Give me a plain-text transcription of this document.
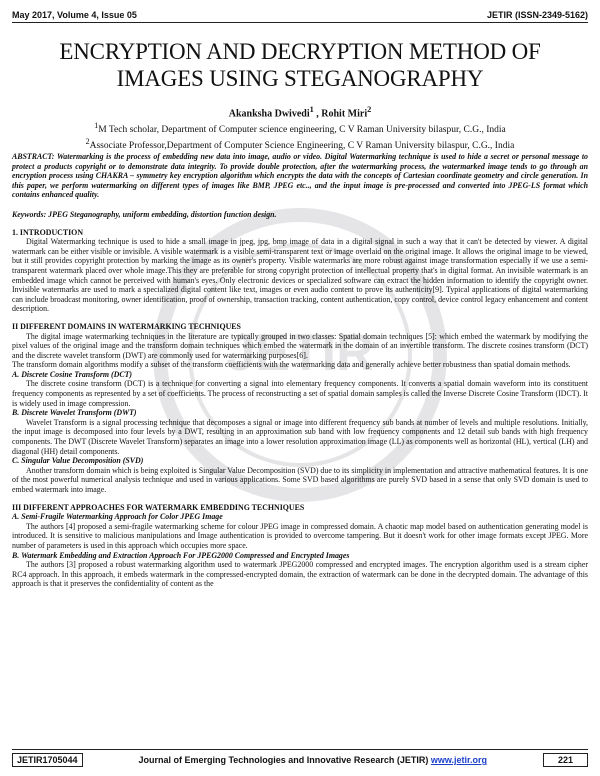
May 2017, Volume 4, Issue 05	JETIR (ISSN-2349-5162)
JETIR
ENCRYPTION AND DECRYPTION METHOD OF
IMAGES USING STEGANOGRAPHY
Akanksha Dwivedi$^1$ , Rohit Miri$^2$
$^1$M Tech scholar, Department of Computer science engineering, C V Raman University bilaspur, C.G., India
$^2$Associate Professor,Department of Computer Science Engineering, C V Raman University bilaspur, C.G., India

ABSTRACT: Watermarking is the process of embedding new data into image, audio or video. Digital Watermarking technique is used to hide a secret or personal message to protect a products copyright or to demonstrate data integrity. To provide double protection, after the watermarking process, the watermarked image tends to go through an encryption process using CHAKRA – symmetry key encryption algorithm which encrypts the data with the concepts of Cartesian coordinate geometry and circle generation. In this paper, we perform watermarking on different types of images like BMP, JPEG etc.., and the input image is pre-processed and converted into JPEG-LS format which contains enhanced quality.

Keywords: JPEG Steganography, uniform embedding, distortion function design.

1. INTRODUCTION

Digital Watermarking technique is used to hide a small image in jpeg, jpg, bmp image of data in a digital signal in such a way that it can't be detected by viewer. A digital watermark can be either visible or invisible. A visible watermark is a visible semi-transparent text or image overlaid on the original image. It allows the original image to be viewed, but it still provides copyright protection by marking the image as its owner's property. Visible watermarks are more robust against image transformation especially if we use a semi-transparent watermark placed over whole image.This they are preferable for strong copyright protection of intellectual property that's in digital format. An invisible watermark is an embedded image which cannot be perceived with human's eyes. Only electronic devices or specialized software can extract the hidden information to identify the copyright owner. Invisible watermarks are used to mark a specialized digital content like text, images or even audio content to prove its authenticity[9]. Typical applications of digital watermarking can include broadcast monitoring, owner identification, proof of ownership, transaction tracking, content authentication, copy control, device control legacy enhancement and content description.

II DIFFERENT DOMAINS IN WATERMARKING TECHNIQUES

The digital image watermarking techniques in the literature are typically grouped in two classes: Spatial domain techniques [5]: which embed the watermark by modifying the pixel values of the original image and the transform domain techniques which embed the watermark in the domain of an invertible transform. The discrete cosines transform (DCT) and the discrete wavelet transform (DWT) are commonly used for watermarking purposes[6].

The transform domain algorithms modify a subset of the transform coefficients with the watermarking data and generally achieve better robustness than spatial domain methods.

A. Discrete Cosine Transform (DCT)

The discrete cosine transform (DCT) is a technique for converting a signal into elementary frequency components. It converts a spatial domain waveform into its constituent frequency components as represented by a set of coefficients. The process of reconstructing a set of spatial domain samples is called the Inverse Discrete Cosine Transform (IDCT). It is widely used in image compression.

B. Discrete Wavelet Transform (DWT)

Wavelet Transform is a signal processing technique that decomposes a signal or image into different frequency sub bands at number of levels and multiple resolutions. Initially, the input image is decomposed into four levels by a DWT, resulting in an approximation sub band with low frequency components and 12 detail sub bands with high frequency components. The DWT (Discrete Wavelet Transform) separates an image into a lower resolution approximation image (LL) as components well as horizontal (HL), vertical (LH) and diagonal (HH) detail components.

C. Singular Value Decomposition (SVD)

Another transform domain which is being exploited is Singular Value Decomposition (SVD) due to its simplicity in implementation and attractive mathematical features. It is one of the most powerful numerical analysis technique and used in various applications. Some SVD based algorithms are purely SVD based in a sense that only SVD domain is used to embed watermark into image.

III DIFFERENT APPROACHES FOR WATERMARK EMBEDDING TECHNIQUES

A. Semi-Fragile Watermarking Approach for Color JPEG Image

The authors [4] proposed a semi-fragile watermarking scheme for colour JPEG image in compressed domain. A chaotic map model based on authentication generating model is introduced. It is sensitive to malicious manipulations and Image authentication is provided to overcome tampering. But it doesn't work for other image formats except JPEG. More number of parameters is used in this approach which occupies more space.

B. Watermark Embedding and Extraction Approach For JPEG2000 Compressed and Encrypted Images

The authors [3] proposed a robust watermarking algorithm used to watermark JPEG2000 compressed and encrypted images. The encryption algorithm used is a stream cipher RC4 approach. In this approach, it embeds watermark in the compressed-encrypted domain, the extraction of watermark can be done in the decrypted domain. The advantage of this approach is that it preserves the confidentiality of content as the

JETIR1705044	Journal of Emerging Technologies and Innovative Research (JETIR) www.jetir.org	221
